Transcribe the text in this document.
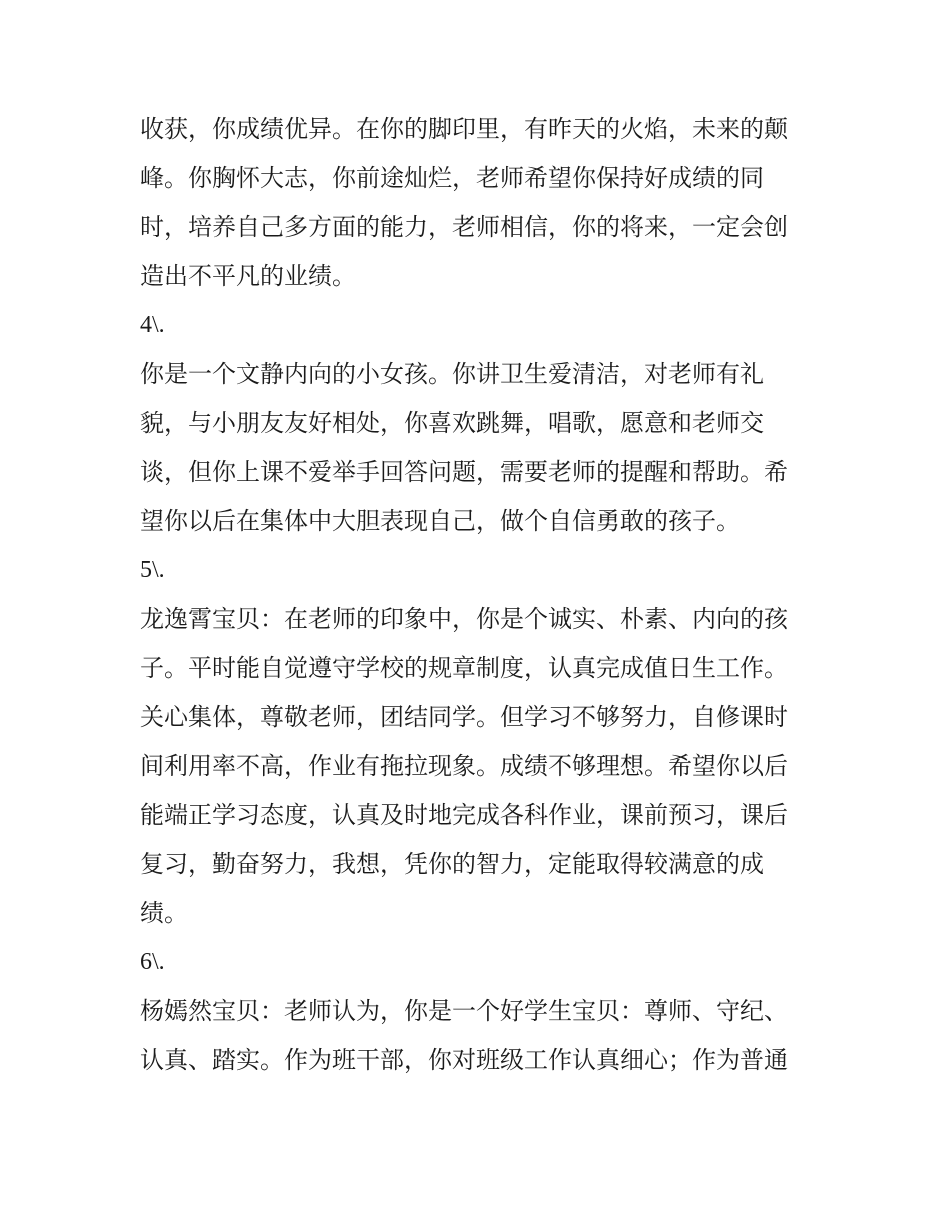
收获，你成绩优异。在你的脚印里，有昨天的火焰，未来的颠
峰。你胸怀大志，你前途灿烂，老师希望你保持好成绩的同
时，培养自己多方面的能力，老师相信，你的将来，一定会创
造出不平凡的业绩。
4\.
你是一个文静内向的小女孩。你讲卫生爱清洁，对老师有礼
貌，与小朋友友好相处，你喜欢跳舞，唱歌，愿意和老师交
谈，但你上课不爱举手回答问题，需要老师的提醒和帮助。希
望你以后在集体中大胆表现自己，做个自信勇敢的孩子。
5\.
龙逸霄宝贝：在老师的印象中，你是个诚实、朴素、内向的孩
子。平时能自觉遵守学校的规章制度，认真完成值日生工作。
关心集体，尊敬老师，团结同学。但学习不够努力，自修课时
间利用率不高，作业有拖拉现象。成绩不够理想。希望你以后
能端正学习态度，认真及时地完成各科作业，课前预习，课后
复习，勤奋努力，我想，凭你的智力，定能取得较满意的成
绩。
6\.
杨嫣然宝贝：老师认为，你是一个好学生宝贝：尊师、守纪、
认真、踏实。作为班干部，你对班级工作认真细心；作为普通
